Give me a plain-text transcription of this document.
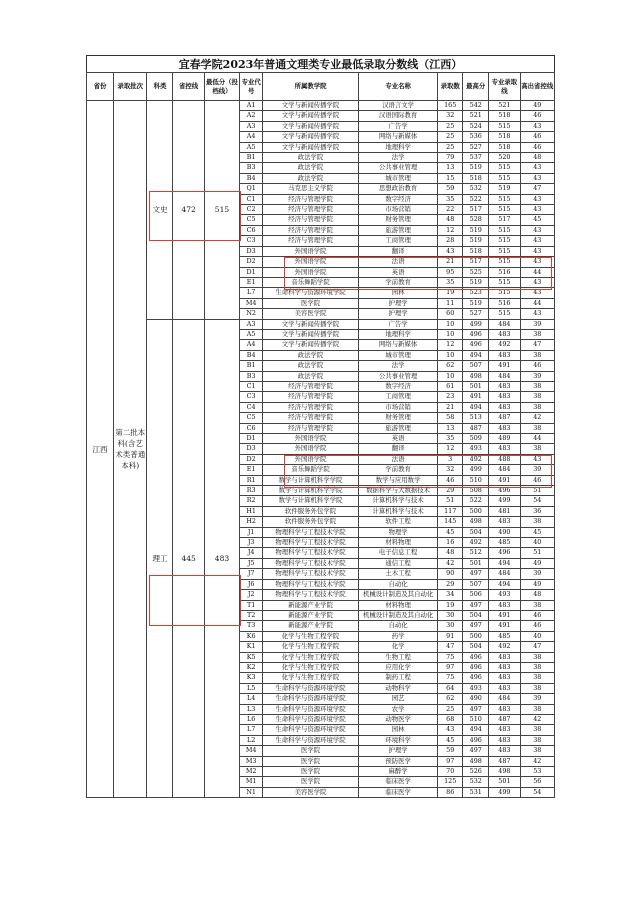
宜春学院2023年普通文理类专业最低录取分数线（江西）
省份	录取批次	科类	省控线	最低分（投档线）	专业代号	所属教学院	专业名称	录取数	最高分	专业录取线	高出省控线
江西	第二批本科(含艺术类普通本科)	文史	472	515	A1	文学与新闻传播学院	汉语言文学	165	542	521	49
					A2	文学与新闻传播学院	汉语国际教育	32	521	518	46
					A3	文学与新闻传播学院	广告学	25	524	515	43
					A4	文学与新闻传播学院	网络与新媒体	25	536	518	46
					A5	文学与新闻传播学院	地理科学	25	527	518	46
					B1	政法学院	法学	79	537	520	48
					B3	政法学院	公共事业管理	13	519	515	43
					B4	政法学院	城市管理	15	518	515	43
					Q1	马克思主义学院	思想政治教育	59	532	519	47
					C1	经济与管理学院	数字经济	35	522	515	43
					C2	经济与管理学院	市场营销	22	517	515	43
					C5	经济与管理学院	财务管理	48	528	517	45
					C6	经济与管理学院	旅游管理	12	519	515	43
					C3	经济与管理学院	工商管理	28	519	515	43
					D3	外国语学院	翻译	43	518	515	43
					D2	外国语学院	法语	21	517	515	43
					D1	外国语学院	英语	95	525	516	44
					E1	音乐舞蹈学院	学前教育	35	519	515	43
					L7	生命科学与资源环境学院	园林	19	523	515	43
					M4	医学院	护理学	11	519	516	44
					N2	美容医学院	护理学	60	527	515	43
		理工	445	483	A3	文学与新闻传播学院	广告学	10	499	484	39
					A5	文学与新闻传播学院	地理科学	10	496	483	38
					A4	文学与新闻传播学院	网络与新媒体	12	496	492	47
					B4	政法学院	城市管理	10	494	483	38
					B1	政法学院	法学	62	507	491	46
					B3	政法学院	公共事业管理	10	498	484	39
					C1	经济与管理学院	数字经济	61	501	483	38
					C3	经济与管理学院	工商管理	23	491	483	38
					C4	经济与管理学院	市场营销	21	494	483	38
					C5	经济与管理学院	财务管理	58	513	487	42
					C6	经济与管理学院	旅游管理	13	487	483	38
					D1	外国语学院	英语	35	509	489	44
					D3	外国语学院	翻译	12	493	483	38
					D2	外国语学院	法语	3	492	488	43
					E1	音乐舞蹈学院	学前教育	32	499	484	39
					R1	数学与计算机科学学院	数学与应用数学	46	510	491	46
					R3	数学与计算机科学学院	数据科学与大数据技术	29	508	496	51
					R2	数学与计算机科学学院	计算机科学与技术	51	522	499	54
					H1	软件服务外包学院	计算机科学与技术	117	500	481	36
					H2	软件服务外包学院	软件工程	145	498	483	38
					J1	物理科学与工程技术学院	物理学	45	504	490	45
					J3	物理科学与工程技术学院	材料物理	16	492	485	40
					J4	物理科学与工程技术学院	电子信息工程	48	512	496	51
					J5	物理科学与工程技术学院	通信工程	42	501	494	49
					J7	物理科学与工程技术学院	土木工程	90	497	484	39
					J6	物理科学与工程技术学院	自动化	29	507	494	49
					J2	物理科学与工程技术学院	机械设计制造及其自动化	34	506	493	48
					T1	新能源产业学院	材料物理	19	497	483	38
					T2	新能源产业学院	机械设计制造及其自动化	30	504	491	46
					T3	新能源产业学院	自动化	30	497	491	46
					K6	化学与生物工程学院	药学	91	500	485	40
					K1	化学与生物工程学院	化学	47	504	492	47
					K5	化学与生物工程学院	生物工程	75	496	483	38
					K2	化学与生物工程学院	应用化学	97	496	483	38
					K3	化学与生物工程学院	制药工程	75	496	483	38
					L5	生命科学与资源环境学院	动物科学	64	493	483	38
					L4	生命科学与资源环境学院	园艺	62	490	484	39
					L3	生命科学与资源环境学院	农学	25	497	483	38
					L6	生命科学与资源环境学院	动物医学	68	510	487	42
					L7	生命科学与资源环境学院	园林	43	494	483	38
					L2	生命科学与资源环境学院	环境科学	45	496	483	38
					M4	医学院	护理学	59	497	483	38
					M3	医学院	预防医学	97	498	487	42
					M2	医学院	麻醉学	70	526	498	53
					M1	医学院	临床医学	125	532	501	56
					N1	美容医学院	临床医学	86	531	499	54
